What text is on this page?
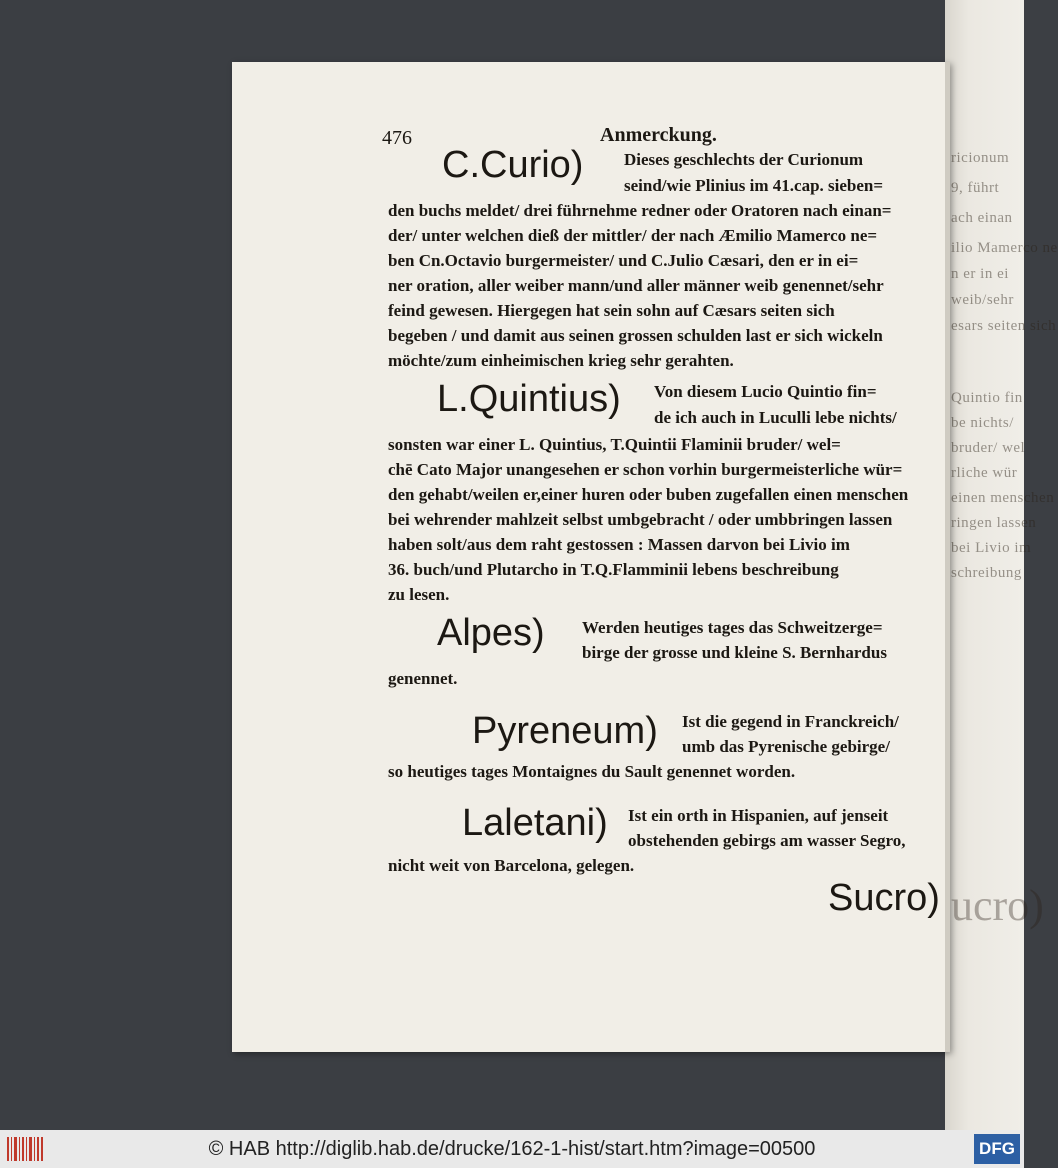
ricionum
9, führt
ach einan
ilio Mamerco ne
n er in ei
weib/sehr
esars seiten sich
Quintio fin
be nichts/
bruder/ wel
rliche wür
einen menschen
ringen lassen
bei Livio im
schreibung
ucro)
476	Anmerckung.
C.Curio) Dieses geschlechts der Curionum
seind/wie Plinius im 41.cap. sieben=
den buchs meldet/ drei führnehme redner oder Oratoren nach einan=
der/ unter welchen dieß der mittler/ der nach Æmilio Mamerco ne=
ben Cn.Octavio burgermeister/ und C.Julio Cæsari, den er in ei=
ner oration, aller weiber mann/und aller männer weib genennet/sehr
feind gewesen. Hiergegen hat sein sohn auf Cæsars seiten sich
begeben / und damit aus seinen grossen schulden last er sich wickeln
möchte/zum einheimischen krieg sehr gerahten.
L.Quintius) Von diesem Lucio Quintio fin=
de ich auch in Luculli lebe nichts/
sonsten war einer L. Quintius, T.Quintii Flaminii bruder/ wel=
chē Cato Major unangesehen er schon vorhin burgermeisterliche wür=
den gehabt/weilen er,einer huren oder buben zugefallen einen menschen
bei wehrender mahlzeit selbst umbgebracht / oder umbbringen lassen
haben solt/aus dem raht gestossen : Massen darvon bei Livio im
36. buch/und Plutarcho in T.Q.Flamminii lebens beschreibung
zu lesen.
Alpes) Werden heutiges tages das Schweitzerge=
birge der grosse und kleine S. Bernhardus
genennet.
Pyreneum) Ist die gegend in Franckreich/
umb das Pyrenische gebirge/
so heutiges tages Montaignes du Sault genennet worden.
Laletani) Ist ein orth in Hispanien, auf jenseit
obstehenden gebirgs am wasser Segro,
nicht weit von Barcelona, gelegen.
Sucro)
© HAB http://diglib.hab.de/drucke/162-1-hist/start.htm?image=00500	DFG
